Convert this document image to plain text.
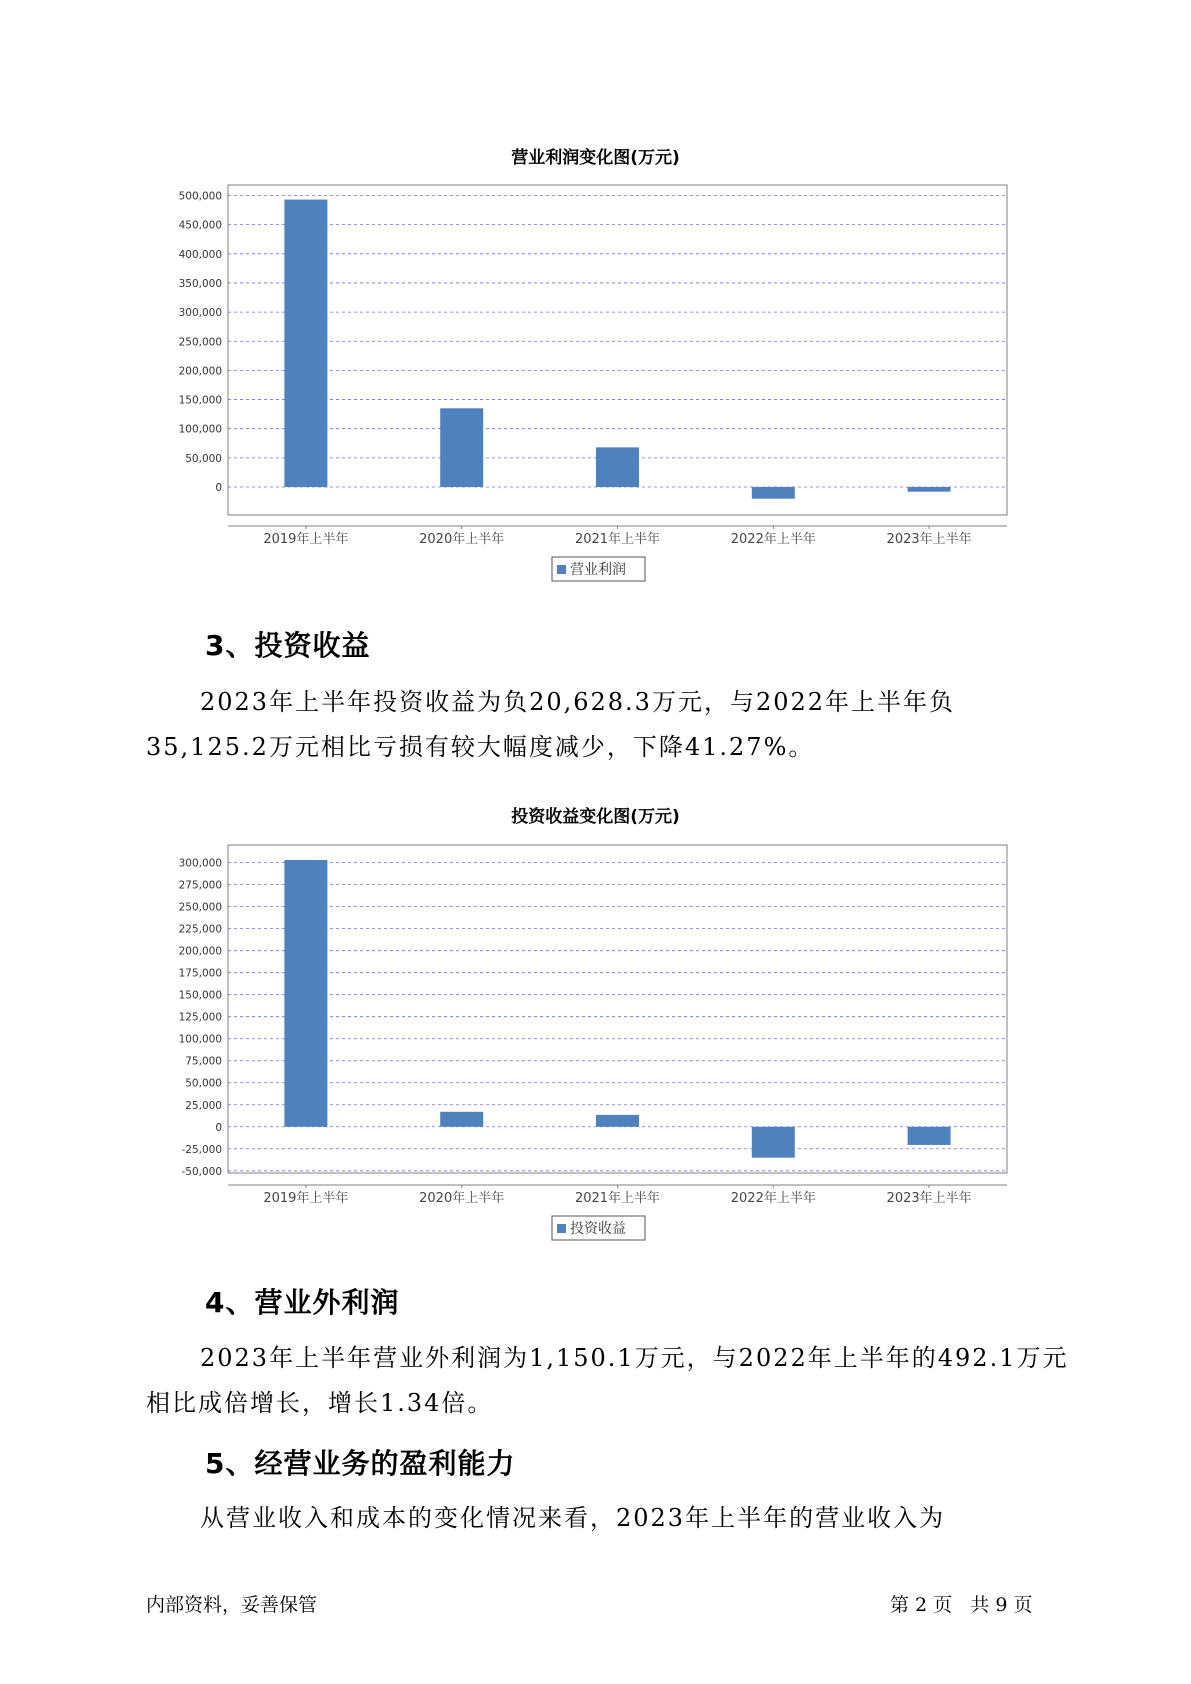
营业利润变化图(万元)
0
50,000
100,000
150,000
200,000
250,000
300,000
350,000
400,000
450,000
500,000
2019年上半年	2020年上半年	2021年上半年	2022年上半年	2023年上半年
营业利润
3、投资收益

2023年上半年投资收益为负20,628.3万元，与2022年上半年负35,125.2万元相比亏损有较大幅度减少，下降41.27%。

投资收益变化图(万元)
-50,000
-25,000
0
25,000
50,000
75,000
100,000
125,000
150,000
175,000
200,000
225,000
250,000
275,000
300,000
2019年上半年	2020年上半年	2021年上半年	2022年上半年	2023年上半年
投资收益
4、营业外利润

2023年上半年营业外利润为1,150.1万元，与2022年上半年的492.1万元相比成倍增长，增长1.34倍。

5、经营业务的盈利能力

从营业收入和成本的变化情况来看，2023年上半年的营业收入为

内部资料，妥善保管	第 2 页   共 9 页
